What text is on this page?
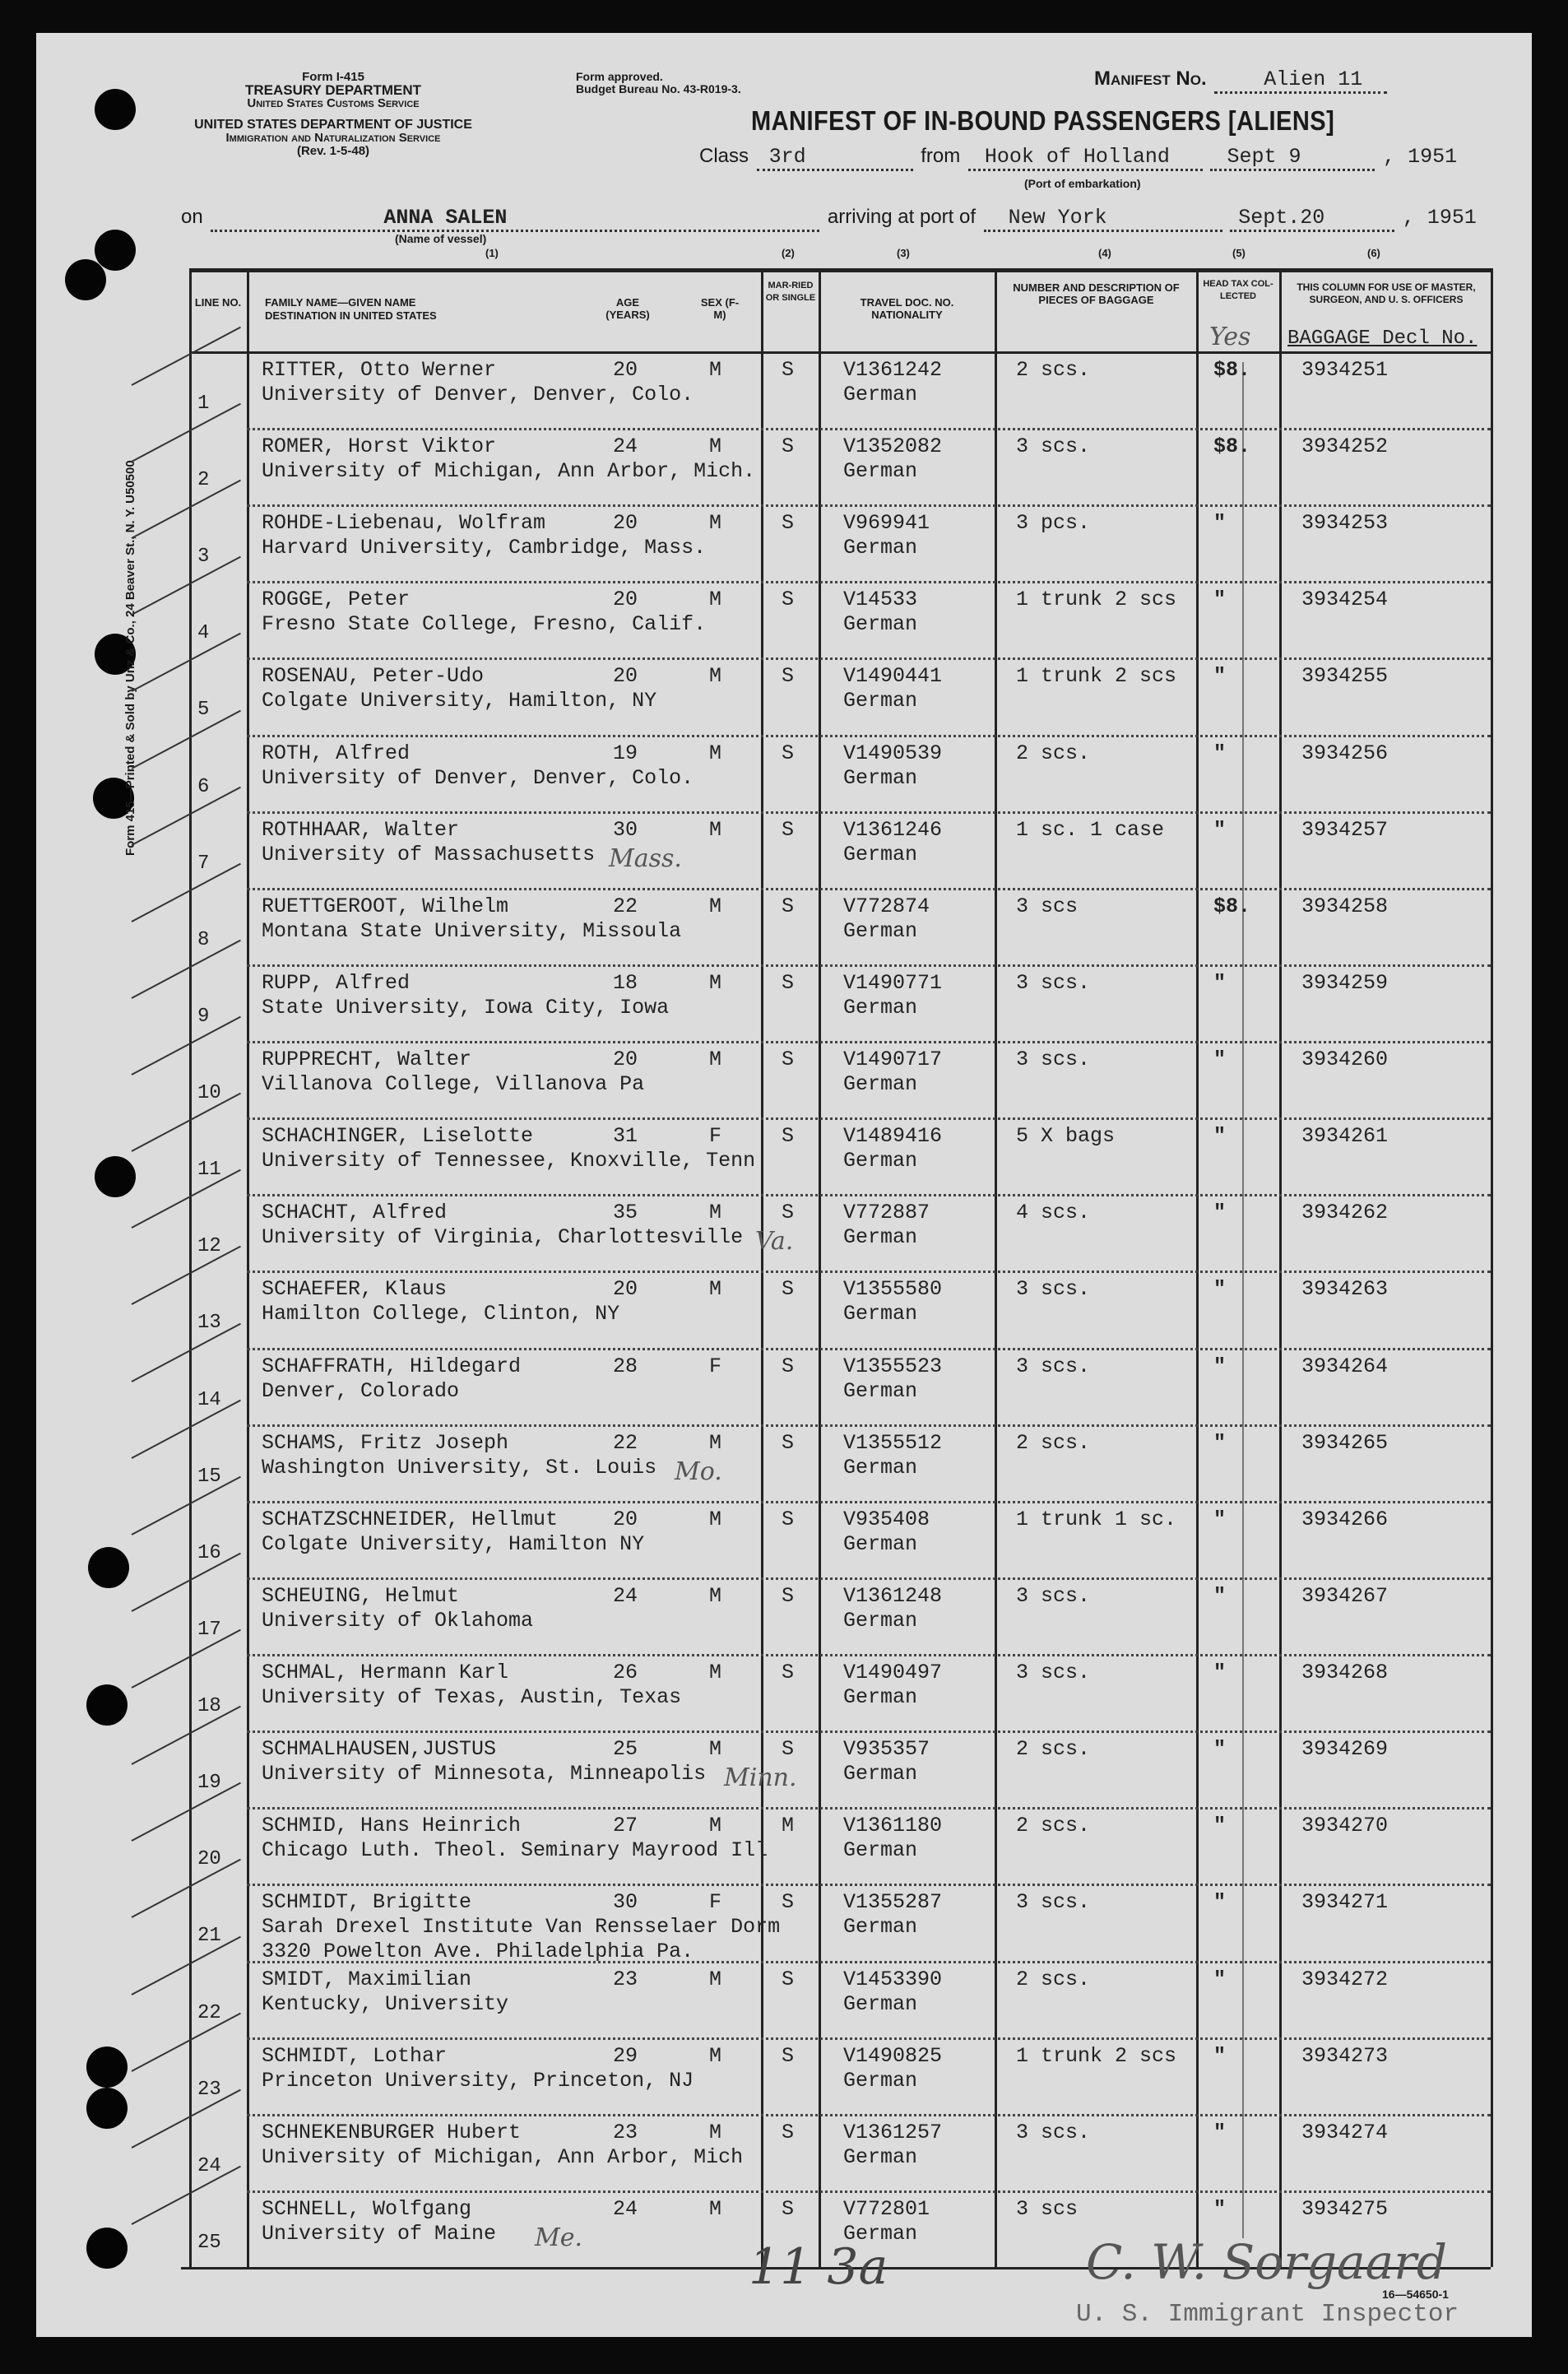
Form 415—Printed & Sold by Unz & Co., 24 Beaver St., N. Y. U50500
Form I-415
TREASURY DEPARTMENT
United States Customs Service
UNITED STATES DEPARTMENT OF JUSTICE
Immigration and Naturalization Service
(Rev. 1-5-48)
Form approved.
Budget Bureau No. 43-R019-3.	Manifest No.	Alien 11
MANIFEST OF IN-BOUND PASSENGERS [ALIENS]
Class 3rd	from Hook of Holland	Sept 9	, 1951
(Port of embarkation)
on	ANNA SALEN	arriving at port of New York	Sept.20	, 1951
(Name of vessel)
(1)	(2)	(3)	(4)	(5)	(6)
LINE NO.	FAMILY NAME—GIVEN NAME
DESTINATION IN UNITED STATES
AGE (YEARS)
SEX (F-M)
MAR-RIED OR SINGLE	TRAVEL DOC. NO. NATIONALITY
NUMBER AND DESCRIPTION OF PIECES OF BAGGAGE
HEAD TAX COL-LECTED
THIS COLUMN FOR USE OF MASTER, SURGEON, AND U. S. OFFICERS
BAGGAGE Decl No.
Yes
1
RITTER, Otto Werner
University of Denver, Denver, Colo.
20	M	S V1361242
German
2 scs.	$8. 3934251
2
ROMER, Horst Viktor
University of Michigan, Ann Arbor, Mich.
24	M	S V1352082
German
3 scs.	$8. 3934252
3
ROHDE-Liebenau, Wolfram
Harvard University, Cambridge, Mass.
20	M	S V969941
German
3 pcs.	"	3934253
4
ROGGE, Peter
Fresno State College, Fresno, Calif.
20	M	S V14533
German
1 trunk 2 scs "	3934254
5
ROSENAU, Peter-Udo
Colgate University, Hamilton, NY
20	M	S V1490441
German
1 trunk 2 scs "	3934255
6
ROTH, Alfred
University of Denver, Denver, Colo.
19	M	S V1490539
German
2 scs.	"	3934256
7
ROTHHAAR, Walter
University of Massachusetts
30	M	S V1361246
German
1 sc. 1 case "	3934257
Mass.
8
RUETTGEROOT, Wilhelm
Montana State University, Missoula
22	M	S V772874
German
3 scs	$8. 3934258
9
RUPP, Alfred
State University, Iowa City, Iowa
18	M	S V1490771
German
3 scs.	"	3934259
10
RUPPRECHT, Walter
Villanova College, Villanova Pa
20	M	S V1490717
German
3 scs.	"	3934260
11
SCHACHINGER, Liselotte
University of Tennessee, Knoxville, Tenn
31	F	S V1489416
German
5 X bags	"	3934261
12
SCHACHT, Alfred
University of Virginia, Charlottesville
35	M	S V772887
German
4 scs.	"	3934262
Va.
13
SCHAEFER, Klaus
Hamilton College, Clinton, NY
20	M	S V1355580
German
3 scs.	"	3934263
14
SCHAFFRATH, Hildegard
Denver, Colorado
28	F	S V1355523
German
3 scs.	"	3934264
15
SCHAMS, Fritz Joseph
Washington University, St. Louis
22	M	S V1355512
German
2 scs.	"	3934265
Mo.
16
SCHATZSCHNEIDER, Hellmut
Colgate University, Hamilton NY
20	M	S V935408
German
1 trunk 1 sc. "	3934266
17
SCHEUING, Helmut
University of Oklahoma
24	M	S V1361248
German
3 scs.	"	3934267
18
SCHMAL, Hermann Karl
University of Texas, Austin, Texas
26	M	S V1490497
German
3 scs.	"	3934268
19
SCHMALHAUSEN,JUSTUS
University of Minnesota, Minneapolis
25	M	S V935357
German
2 scs.	"	3934269
Minn.
20
SCHMID, Hans Heinrich
Chicago Luth. Theol. Seminary Mayrood Ill
27	M	M V1361180
German
2 scs.	"	3934270
21
SCHMIDT, Brigitte
Sarah Drexel Institute Van Rensselaer Dorm
3320 Powelton Ave. Philadelphia Pa.
30	F	S V1355287
German
3 scs.	"	3934271
22
SMIDT, Maximilian
Kentucky, University
23	M	S V1453390
German
2 scs.	"	3934272
23
SCHMIDT, Lothar
Princeton University, Princeton, NJ
29	M	S V1490825
German
1 trunk 2 scs "	3934273
24
SCHNEKENBURGER Hubert
University of Michigan, Ann Arbor, Mich
23	M	S V1361257
German
3 scs.	"	3934274
25
SCHNELL, Wolfgang
University of Maine
24	M	S V772801
German
3 scs	"	3934275
Me.
11 3a	C. W. Sorgaard
16—54650-1
U. S. Immigrant Inspector
